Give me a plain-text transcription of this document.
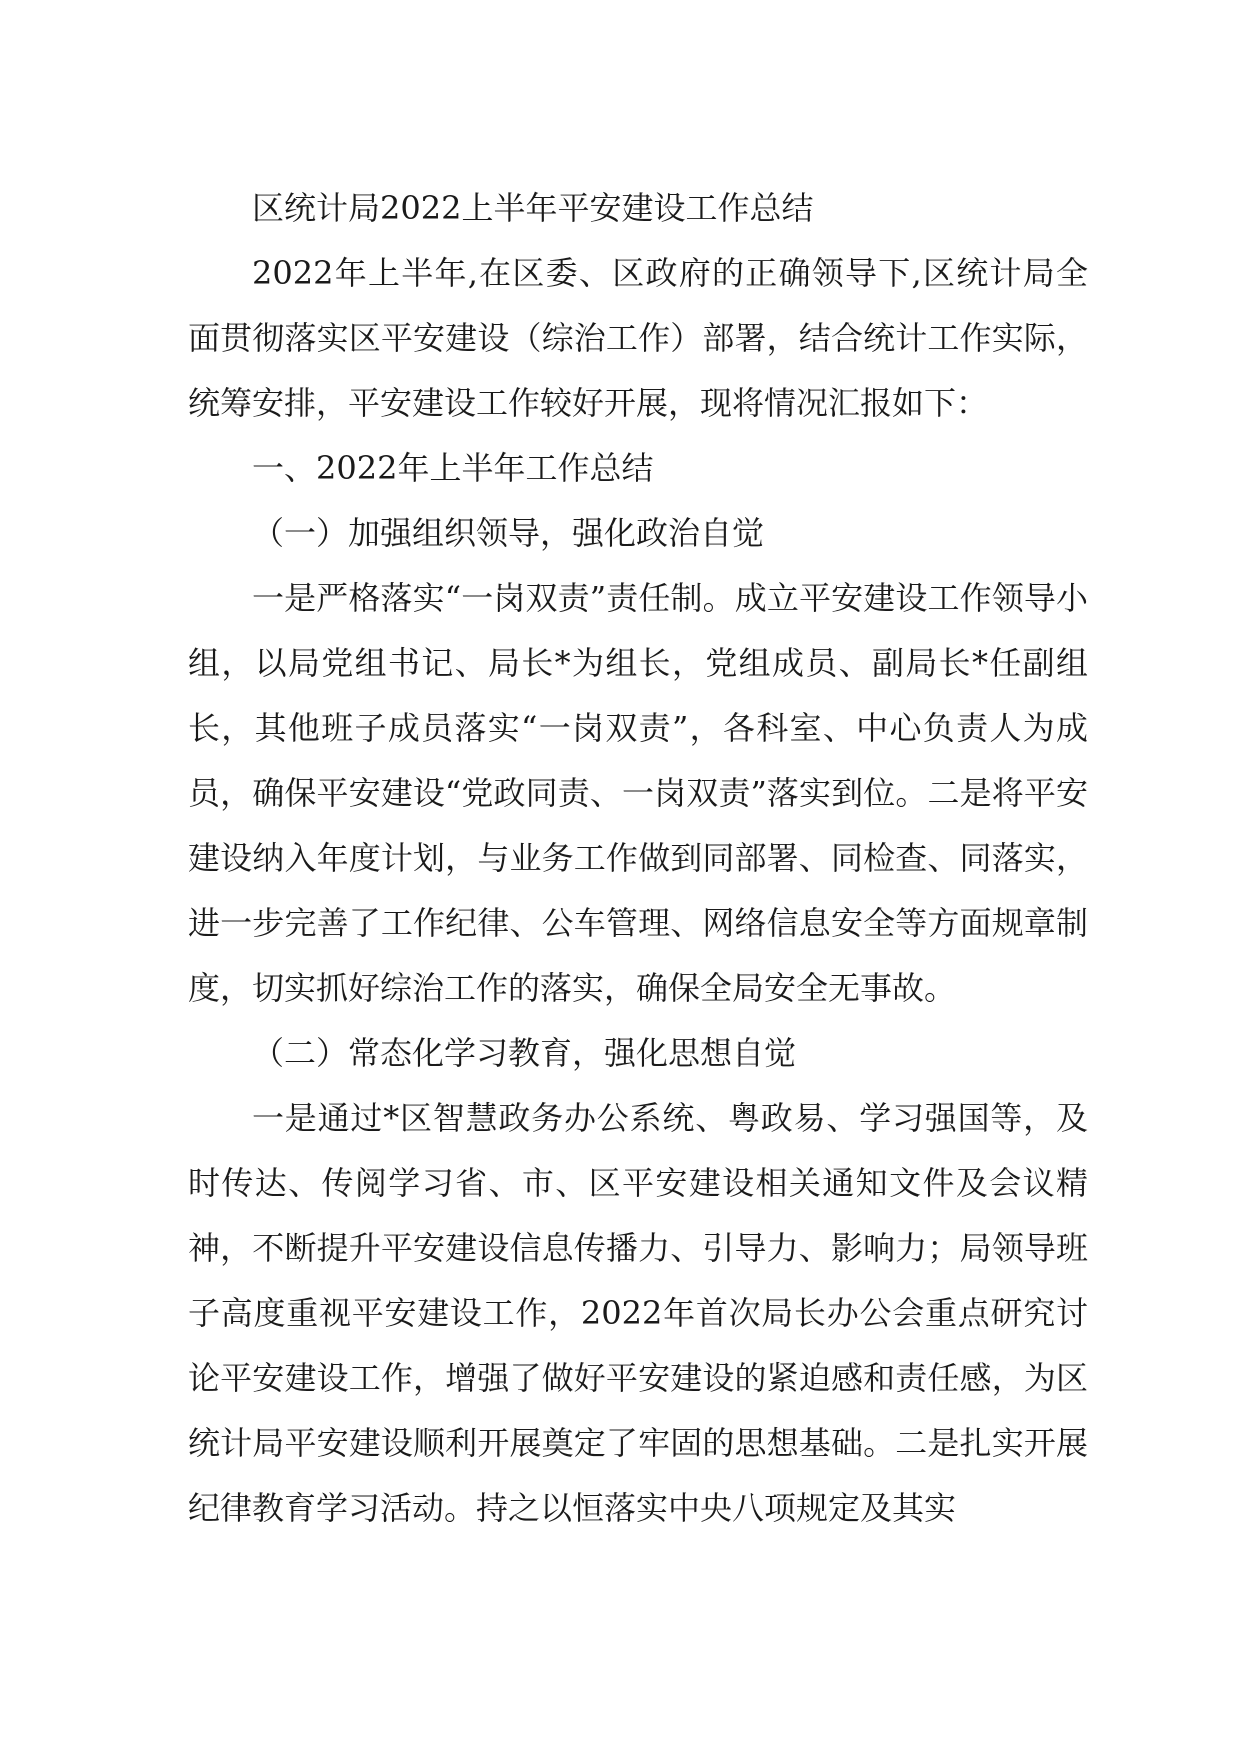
区统计局2022上半年平安建设工作总结

2022年上半年,在区委、区政府的正确领导下,区统计局全面贯彻落实区平安建设（综治工作）部署，结合统计工作实际，统筹安排，平安建设工作较好开展，现将情况汇报如下：

一、2022年上半年工作总结

（一）加强组织领导，强化政治自觉

一是严格落实“一岗双责”责任制。成立平安建设工作领导小组，以局党组书记、局长*为组长，党组成员、副局长*任副组长，其他班子成员落实“一岗双责”，各科室、中心负责人为成员，确保平安建设“党政同责、一岗双责”落实到位。二是将平安建设纳入年度计划，与业务工作做到同部署、同检查、同落实，进一步完善了工作纪律、公车管理、网络信息安全等方面规章制度，切实抓好综治工作的落实，确保全局安全无事故。

（二）常态化学习教育，强化思想自觉

一是通过*区智慧政务办公系统、粤政易、学习强国等，及时传达、传阅学习省、市、区平安建设相关通知文件及会议精神，不断提升平安建设信息传播力、引导力、影响力；局领导班子高度重视平安建设工作，2022年首次局长办公会重点研究讨论平安建设工作，增强了做好平安建设的紧迫感和责任感，为区统计局平安建设顺利开展奠定了牢固的思想基础。二是扎实开展纪律教育学习活动。持之以恒落实中央八项规定及其实
